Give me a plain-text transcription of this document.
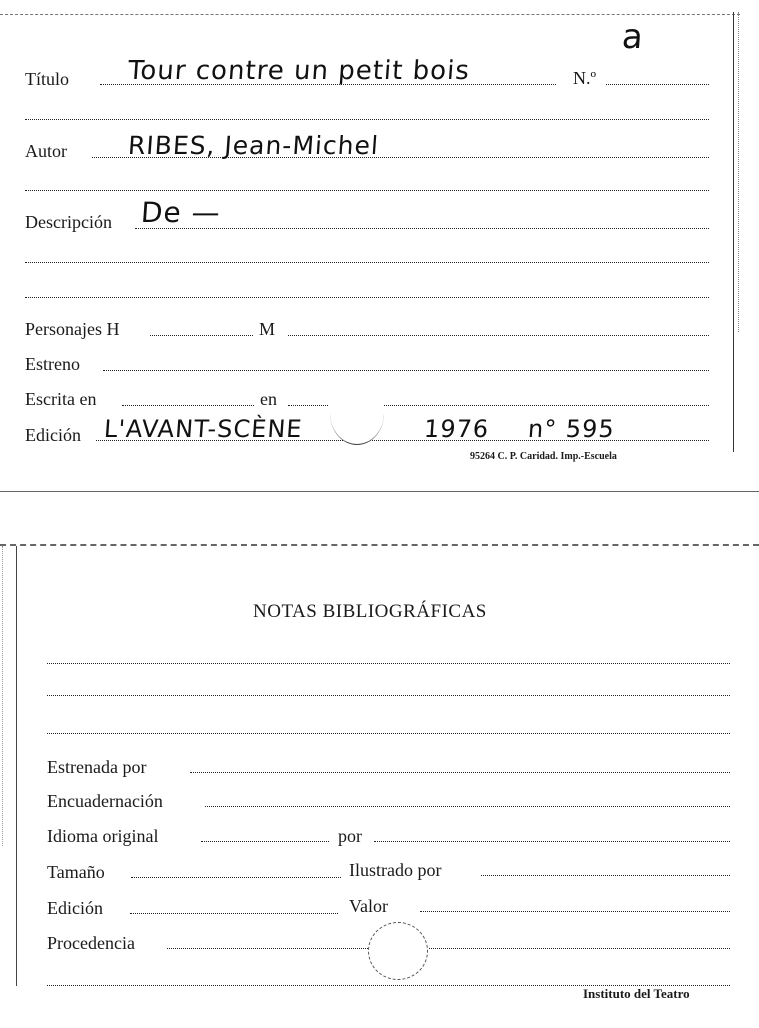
Título Tour contre un petit bois	N.º
a
Autor RIBES, Jean-Michel
Descripción De —
Personajes H	M
Estreno
Escrita en	en
Edición L'AVANT-SCÈNE	1976 n° 595
95264 C. P. Caridad. Imp.-Escuela
NOTAS BIBLIOGRÁFICAS
Estrenada por
Encuadernación
Idioma original	por
Tamaño	Ilustrado por
Edición	Valor
Procedencia
Instituto del Teatro
